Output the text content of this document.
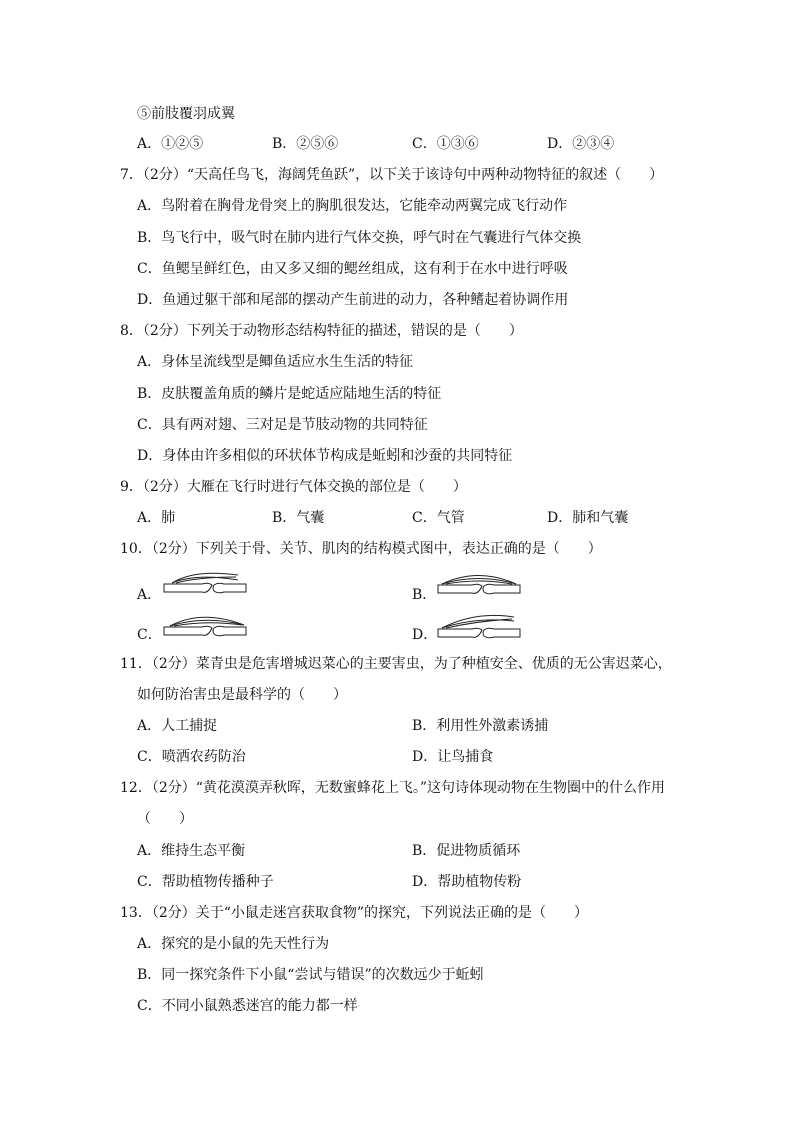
⑤前肢覆羽成翼
A．①②⑤	B．②⑤⑥	C．①③⑥	D．②③④
7．（2分）“天高任鸟飞，海阔凭鱼跃”，以下关于该诗句中两种动物特征的叙述（　　）
A．鸟附着在胸骨龙骨突上的胸肌很发达，它能牵动两翼完成飞行动作
B．鸟飞行中，吸气时在肺内进行气体交换，呼气时在气囊进行气体交换
C．鱼鳃呈鲜红色，由又多又细的鳃丝组成，这有利于在水中进行呼吸
D．鱼通过躯干部和尾部的摆动产生前进的动力，各种鳍起着协调作用
8．（2分）下列关于动物形态结构特征的描述，错误的是（　　）
A．身体呈流线型是鲫鱼适应水生生活的特征
B．皮肤覆盖角质的鳞片是蛇适应陆地生活的特征
C．具有两对翅、三对足是节肢动物的共同特征
D．身体由许多相似的环状体节构成是蚯蚓和沙蚕的共同特征
9．（2分）大雁在飞行时进行气体交换的部位是（　　）
A．肺	B．气囊	C．气管	D．肺和气囊
10．（2分）下列关于骨、关节、肌肉的结构模式图中，表达正确的是（　　）
A．	B．
C．	D．
11．（2分）菜青虫是危害增城迟菜心的主要害虫，为了种植安全、优质的无公害迟菜心，
如何防治害虫是最科学的（　　）
A．人工捕捉	B．利用性外激素诱捕
C．喷洒农药防治	D．让鸟捕食
12．（2分）“黄花漠漠弄秋晖，无数蜜蜂花上飞。”这句诗体现动物在生物圈中的什么作用
（　　）
A．维持生态平衡	B．促进物质循环
C．帮助植物传播种子	D．帮助植物传粉
13．（2分）关于“小鼠走迷宫获取食物”的探究，下列说法正确的是（　　）
A．探究的是小鼠的先天性行为
B．同一探究条件下小鼠“尝试与错误”的次数远少于蚯蚓
C．不同小鼠熟悉迷宫的能力都一样
